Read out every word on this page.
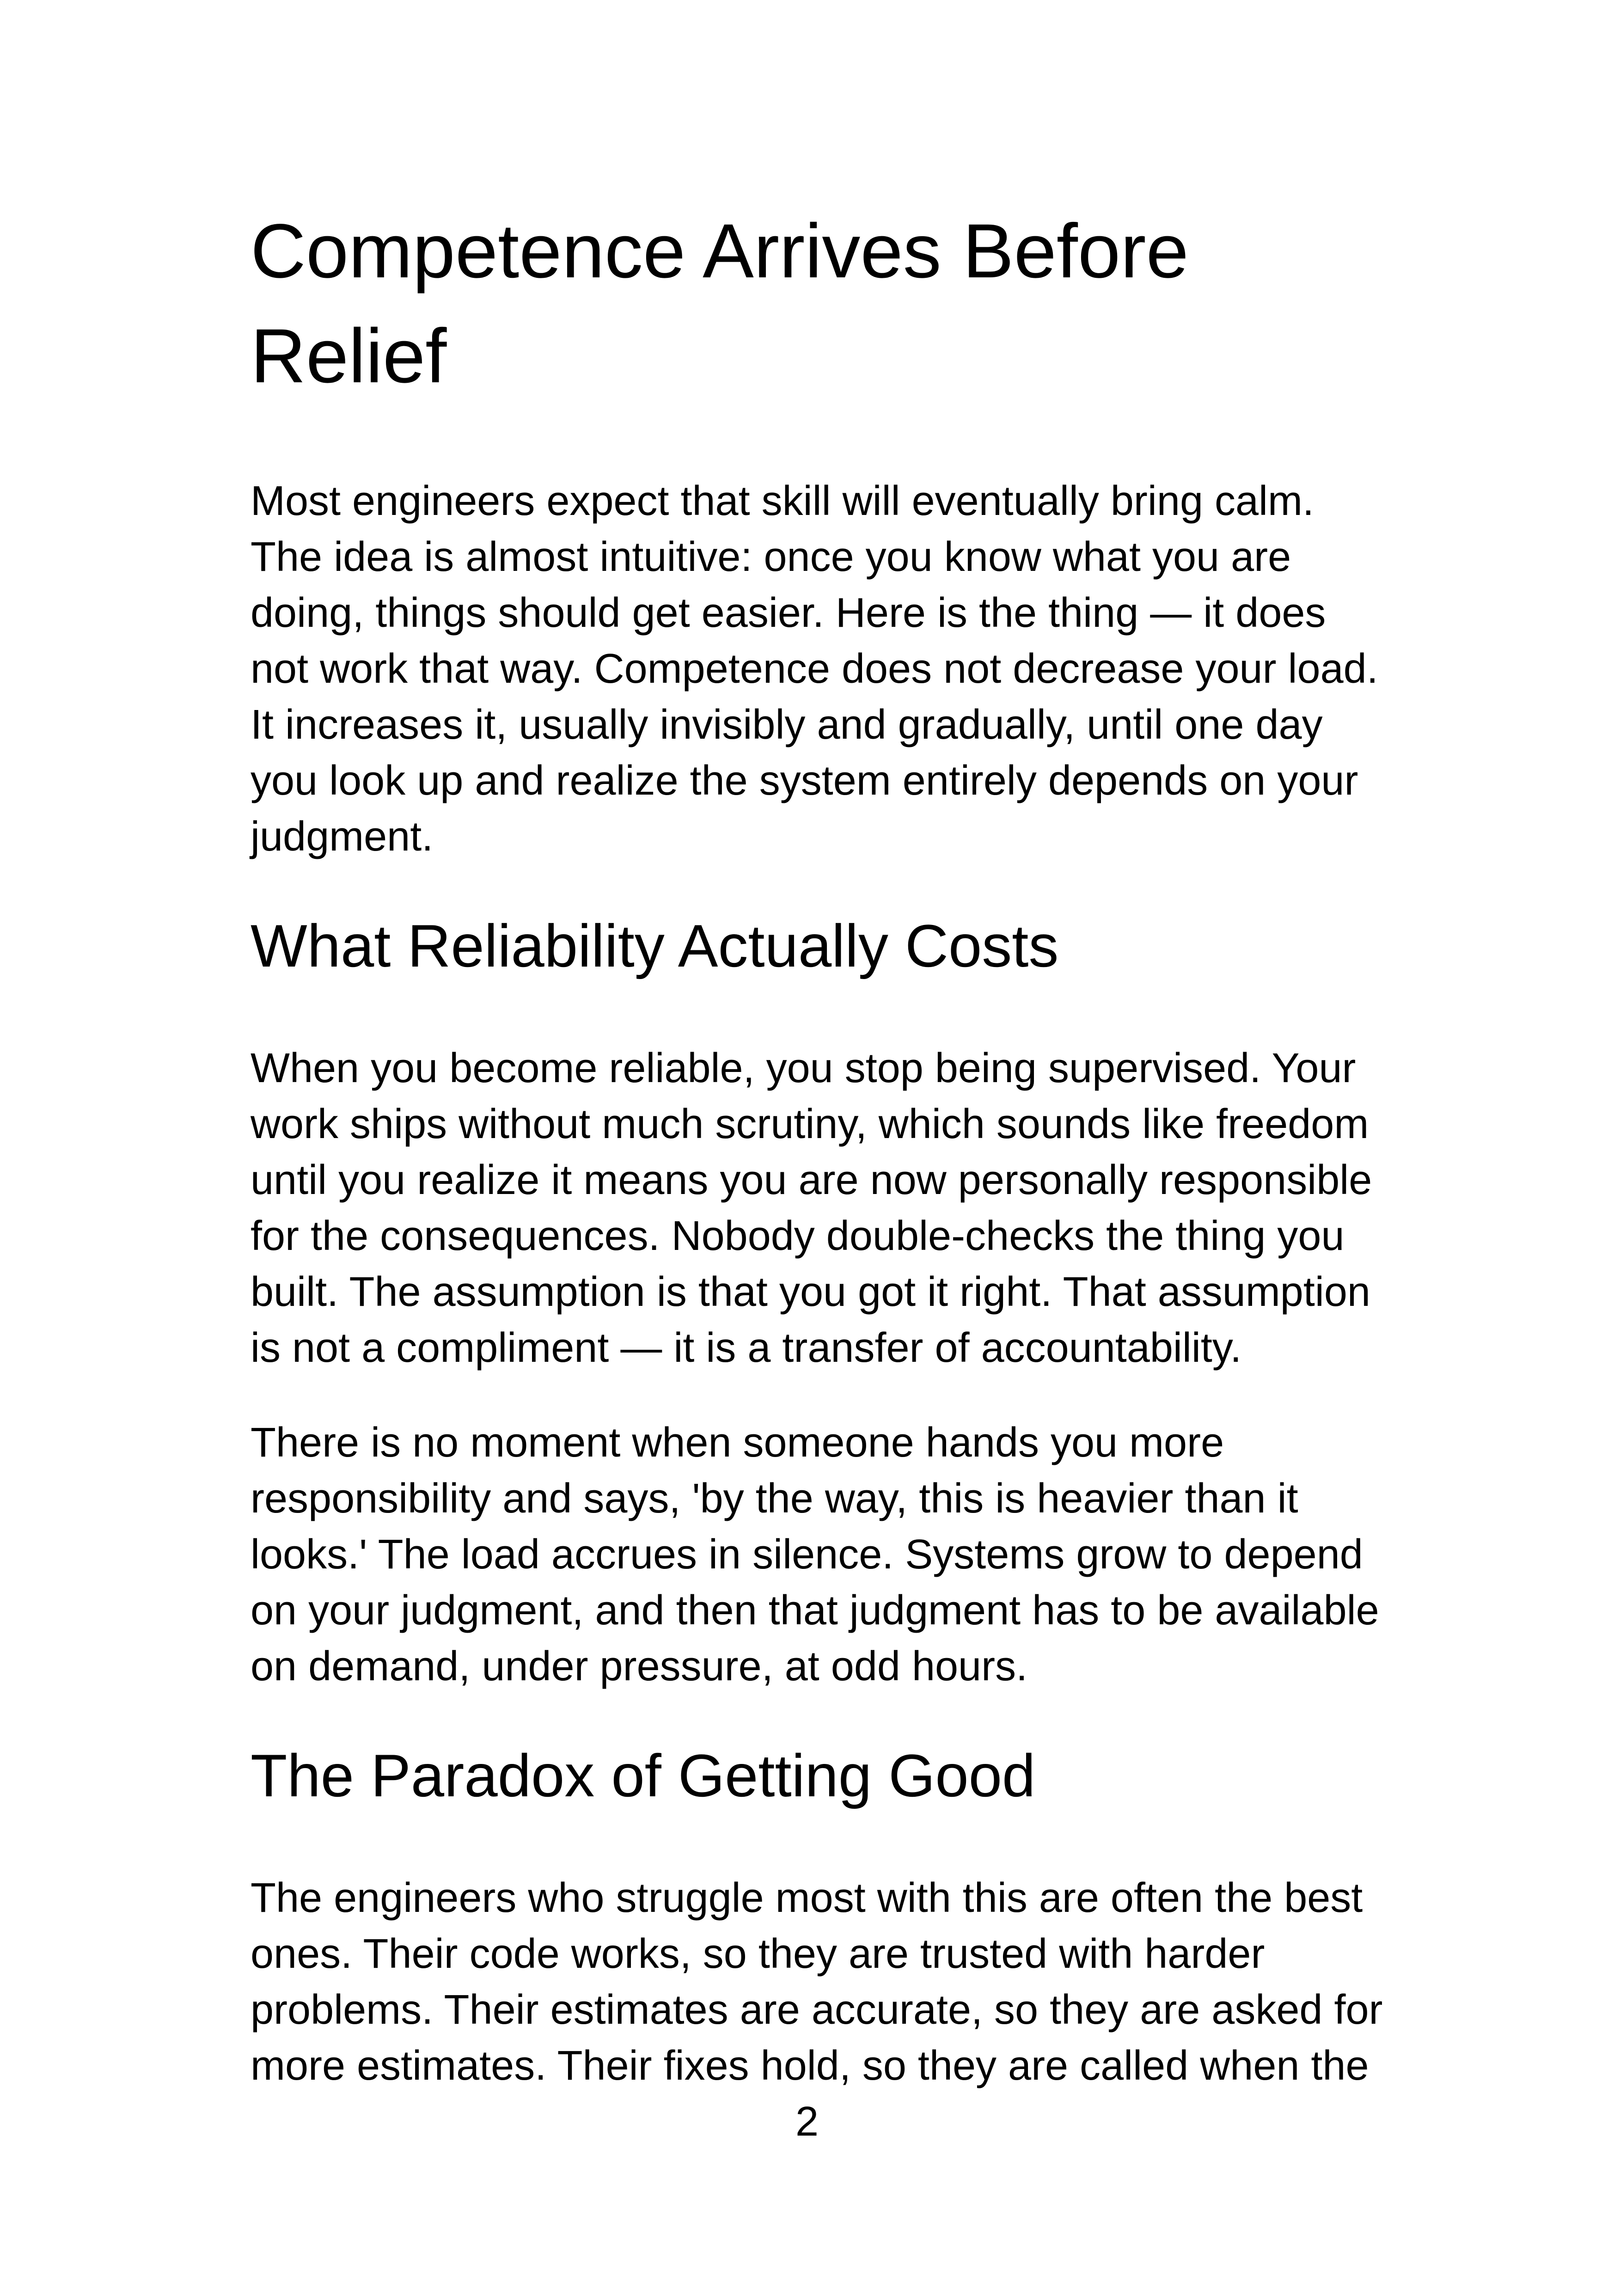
Competence Arrives Before Relief
Most engineers expect that skill will eventually bring calm.
The idea is almost intuitive: once you know what you are
doing, things should get easier. Here is the thing — it does
not work that way. Competence does not decrease your load.
It increases it, usually invisibly and gradually, until one day
you look up and realize the system entirely depends on your
judgment.
What Reliability Actually Costs
When you become reliable, you stop being supervised. Your
work ships without much scrutiny, which sounds like freedom
until you realize it means you are now personally responsible
for the consequences. Nobody double-checks the thing you
built. The assumption is that you got it right. That assumption
is not a compliment — it is a transfer of accountability.
There is no moment when someone hands you more
responsibility and says, 'by the way, this is heavier than it
looks.' The load accrues in silence. Systems grow to depend
on your judgment, and then that judgment has to be available
on demand, under pressure, at odd hours.
The Paradox of Getting Good
The engineers who struggle most with this are often the best
ones. Their code works, so they are trusted with harder
problems. Their estimates are accurate, so they are asked for
more estimates. Their fixes hold, so they are called when the
2
